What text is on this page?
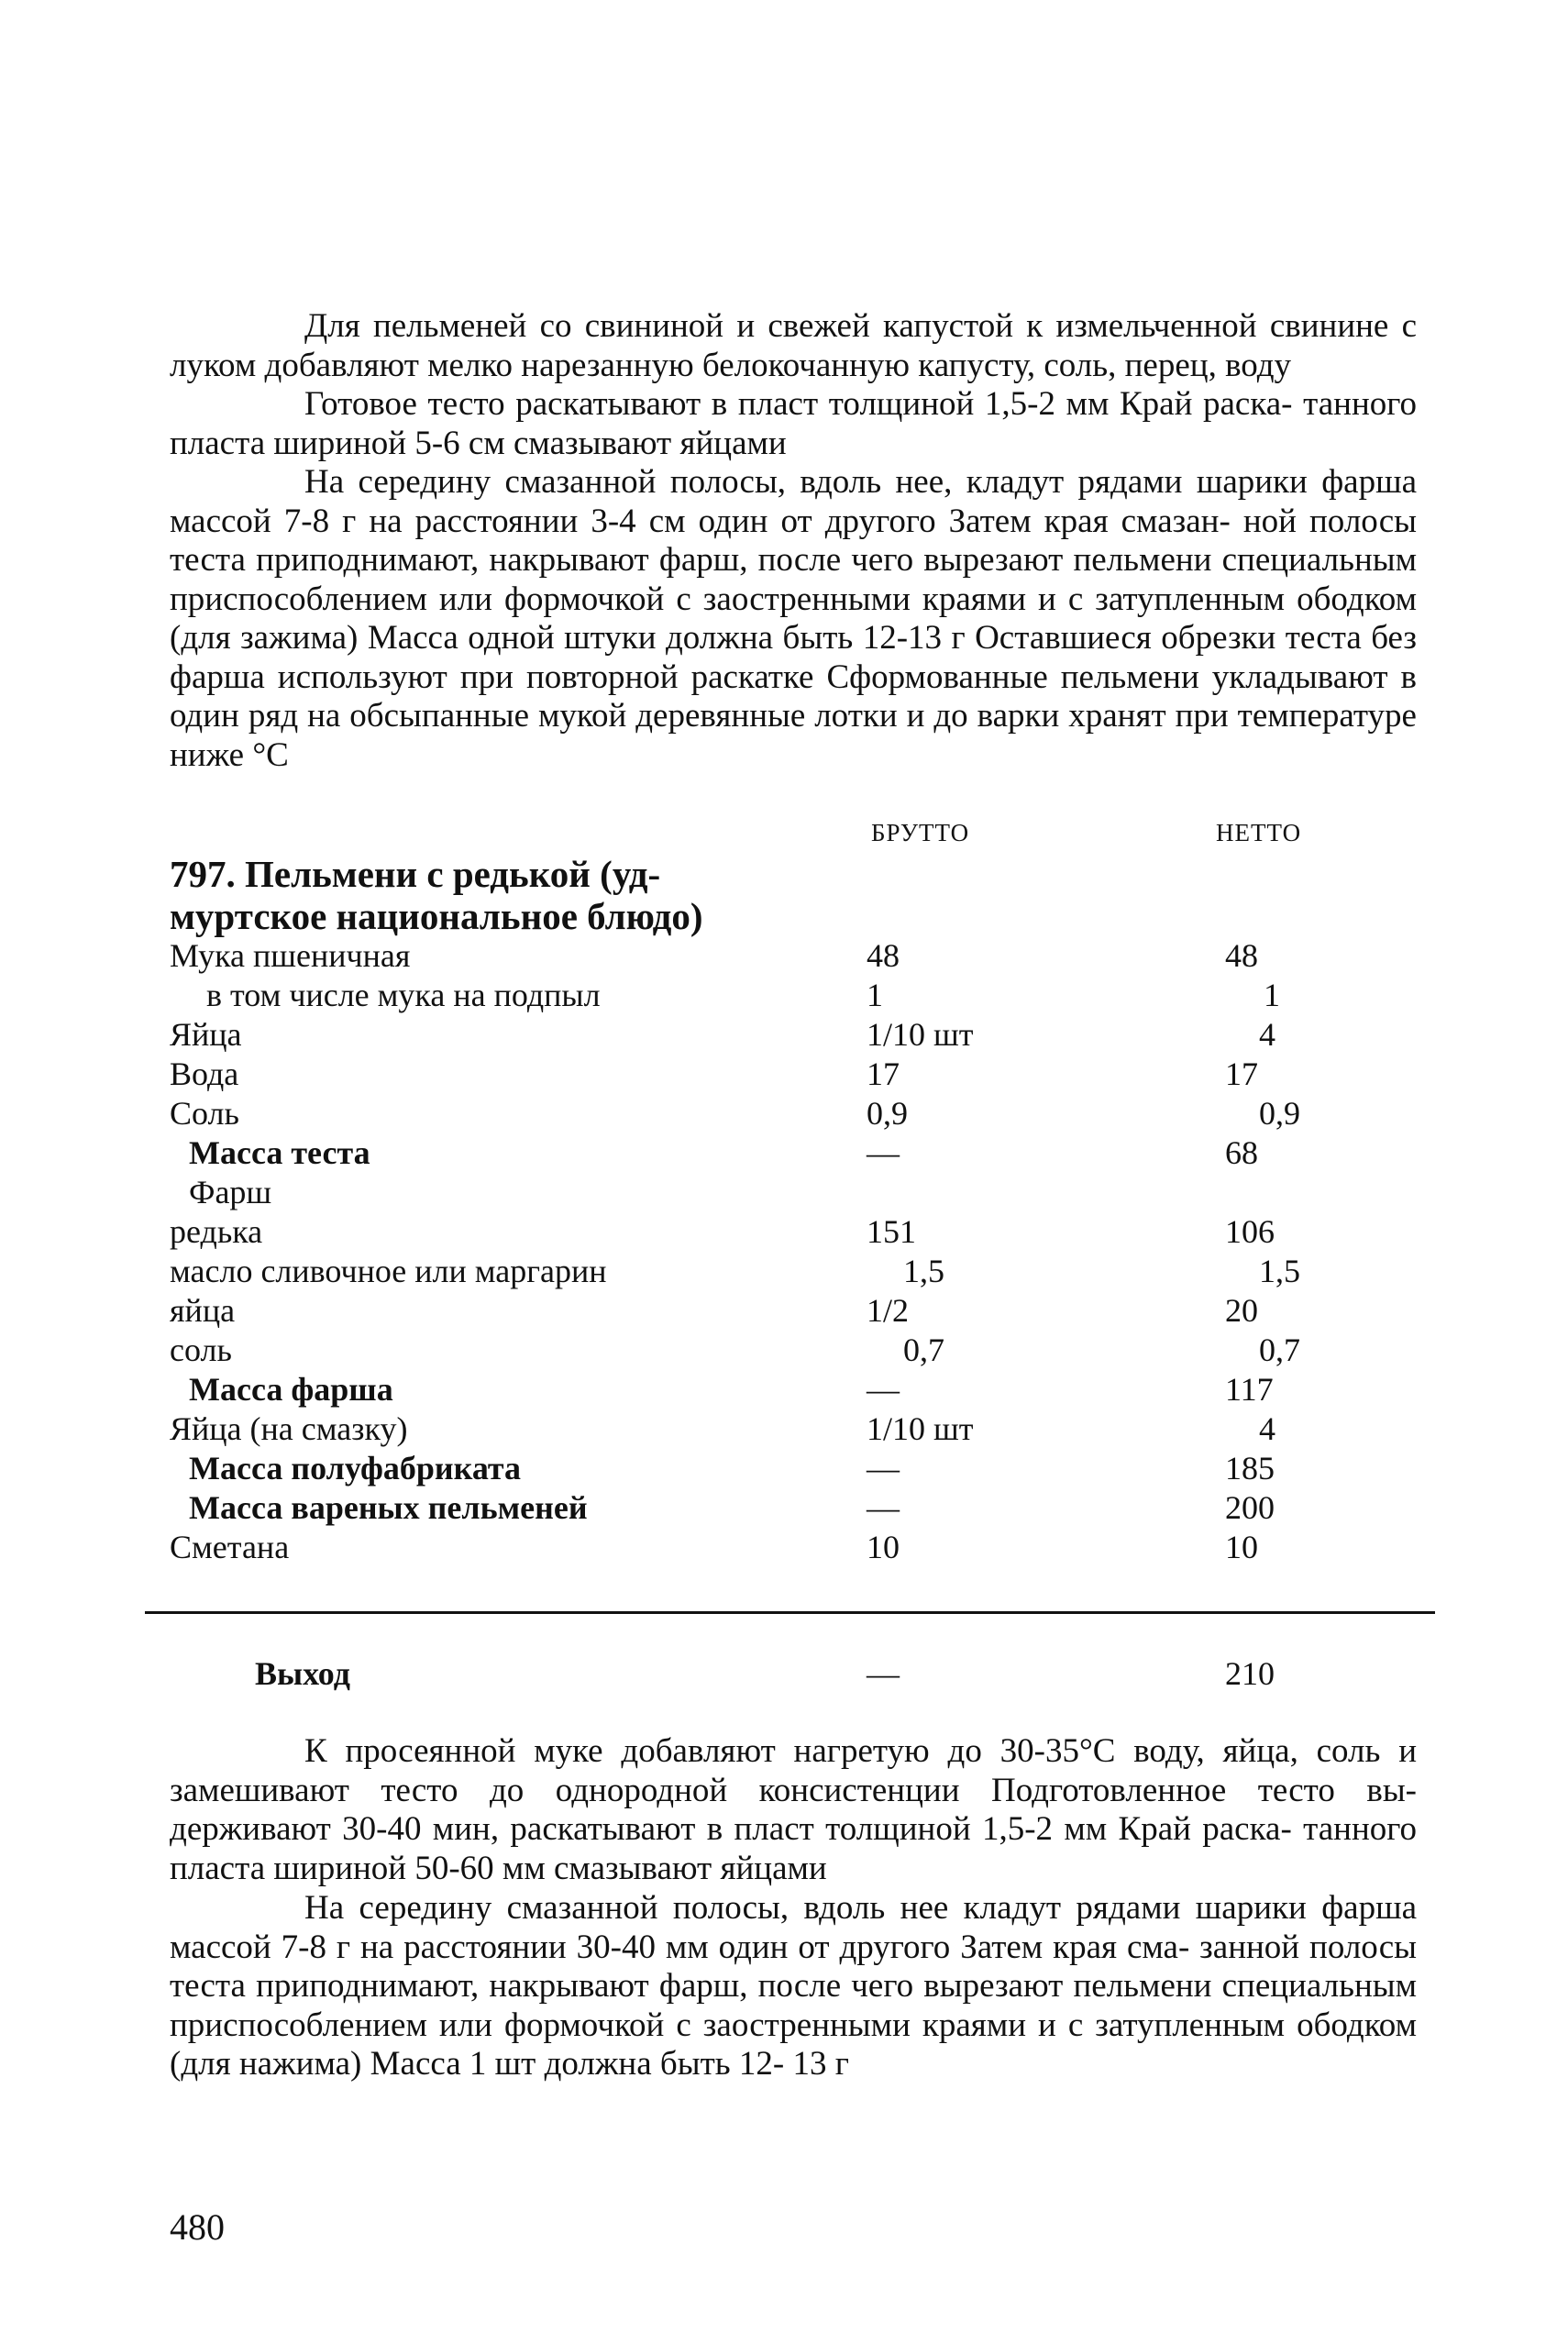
Для пельменей со свининой и свежей капустой к измельченной свинине с луком добавляют мелко нарезанную белокочанную капусту, соль, перец, воду
Готовое тесто раскатывают в пласт толщиной 1,5-2 мм Край раска- танного пласта шириной 5-6 см смазывают яйцами
На середину смазанной полосы, вдоль нее, кладут рядами шарики фарша массой 7-8 г на расстоянии 3-4 см один от другого Затем края смазан- ной полосы теста приподнимают, накрывают фарш, после чего вырезают пельмени специальным приспособлением или формочкой с заостренными краями и с затупленным ободком (для зажима) Масса одной штуки должна быть 12-13 г Оставшиеся обрезки теста без фарша используют при повторной раскатке Сформованные пельмени укладывают в один ряд на обсыпанные мукой деревянные лотки и до варки хранят при температуре ниже °С
БРУТТО	НЕТТО
797. Пельмени с редькой (уд-
муртское национальное блюдо)
Мука пшеничная	48	48
в том числе мука на подпыл	1	1
Яйца	1/10 шт	4
Вода	17	17
Соль	0,9	0,9
Масса теста	—	68
Фарш
редька	151	106
масло сливочное или маргарин	1,5	1,5
яйца	1/2	20
соль	0,7	0,7
Масса фарша	—	117
Яйца (на смазку)	1/10 шт	4
Масса полуфабриката	—	185
Масса вареных пельменей	—	200
Сметана	10	10
Выход	—	210
К просеянной муке добавляют нагретую до 30-35°С воду, яйца, соль и замешивают тесто до однородной консистенции Подготовленное тесто вы- держивают 30-40 мин, раскатывают в пласт толщиной 1,5-2 мм Край раска- танного пласта шириной 50-60 мм смазывают яйцами
На середину смазанной полосы, вдоль нее кладут рядами шарики фарша массой 7-8 г на расстоянии 30-40 мм один от другого Затем края сма- занной полосы теста приподнимают, накрывают фарш, после чего вырезают пельмени специальным приспособлением или формочкой с заостренными краями и с затупленным ободком (для нажима) Масса 1 шт должна быть 12- 13 г
480
